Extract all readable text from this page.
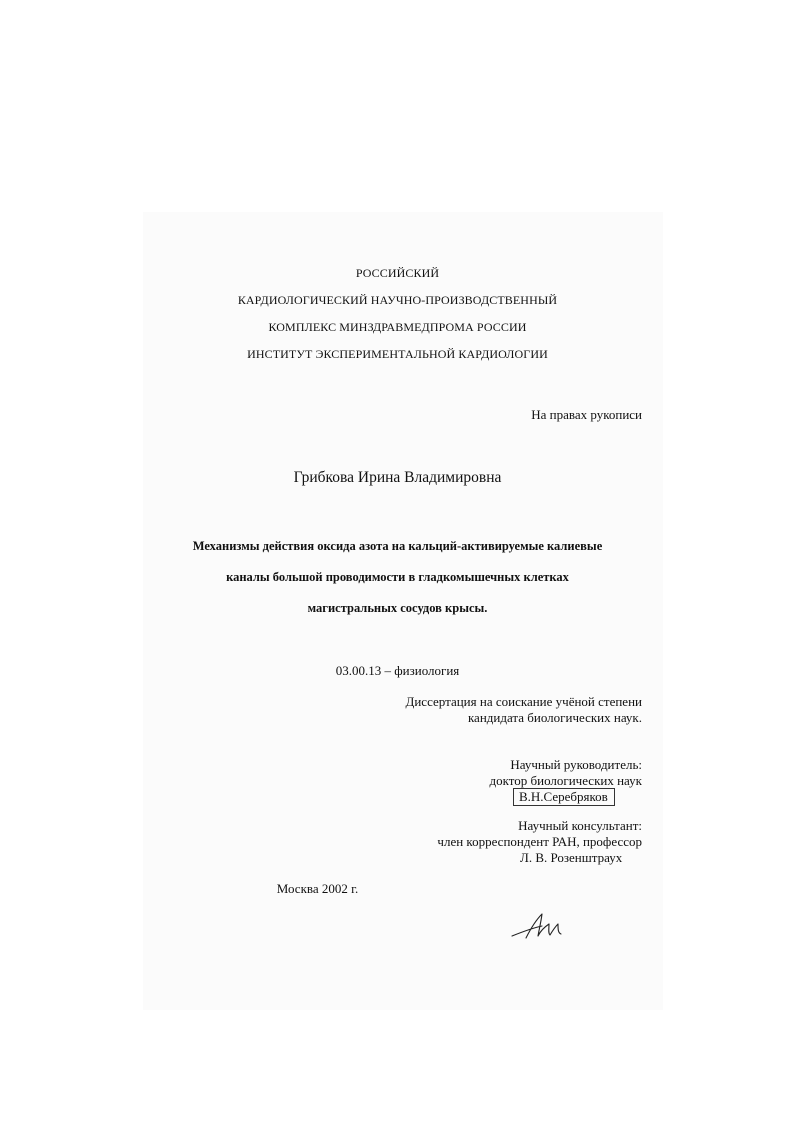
РОССИЙСКИЙ
КАРДИОЛОГИЧЕСКИЙ НАУЧНО-ПРОИЗВОДСТВЕННЫЙ
КОМПЛЕКС МИНЗДРАВМЕДПРОМА РОССИИ
ИНСТИТУТ ЭКСПЕРИМЕНТАЛЬНОЙ КАРДИОЛОГИИ
На правах рукописи
Грибкова Ирина Владимировна
Механизмы действия оксида азота на кальций-активируемые калиевые
каналы большой проводимости в гладкомышечных клетках
магистральных сосудов крысы.
03.00.13 – физиология
Диссертация на соискание учёной степени
кандидата биологических наук.
Научный руководитель:
доктор биологических наук
В.Н.Серебряков
Научный консультант:
член корреспондент РАН, профессор
Л. В. Розенштраух
Москва 2002 г.
